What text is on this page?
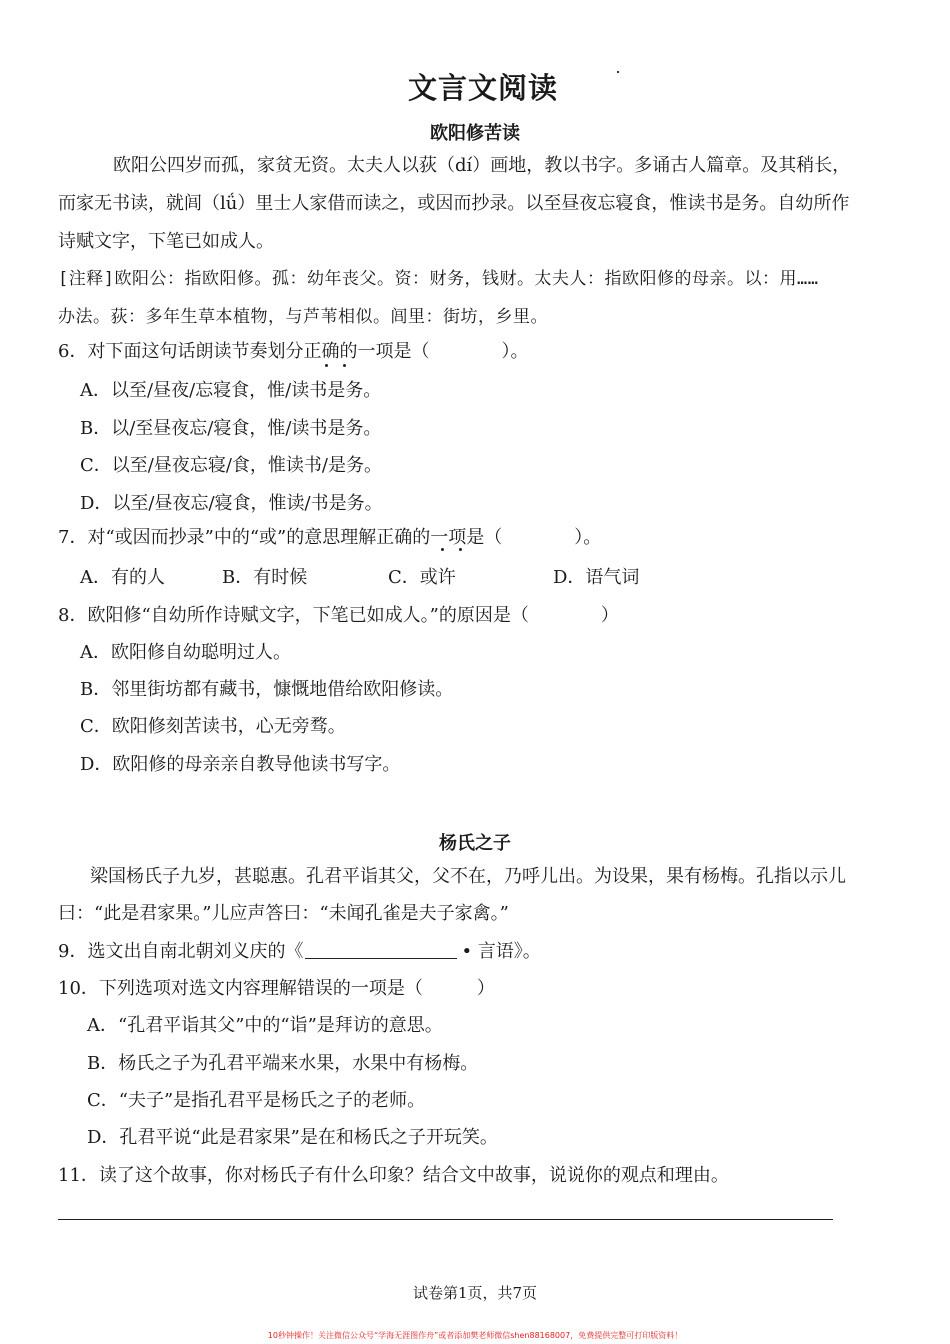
文言文阅读
欧阳修苦读
欧阳公四岁而孤，家贫无资。太夫人以荻（dí）画地，教以书字。多诵古人篇章。及其稍长，
而家无书读，就闾（lǘ）里士人家借而读之，或因而抄录。以至昼夜忘寝食，惟读书是务。自幼所作
诗赋文字，下笔已如成人。
[注释]欧阳公：指欧阳修。孤：幼年丧父。资：财务，钱财。太夫人：指欧阳修的母亲。以：用……
办法。荻：多年生草本植物，与芦苇相似。闾里：街坊，乡里。
6．对下面这句话朗读节奏划分正确的一项是（　　　　）。
A．以至/昼夜/忘寝食，惟/读书是务。
B．以/至昼夜忘/寝食，惟/读书是务。
C．以至/昼夜忘寝/食，惟读书/是务。
D．以至/昼夜忘/寝食，惟读/书是务。
7．对“或因而抄录”中的“或”的意思理解正确的一项是（　　　　）。
A．有的人	B．有时候	C．或许	D．语气词
8．欧阳修“自幼所作诗赋文字，下笔已如成人。”的原因是（　　　　）
A．欧阳修自幼聪明过人。
B．邻里街坊都有藏书，慷慨地借给欧阳修读。
C．欧阳修刻苦读书，心无旁骛。
D．欧阳修的母亲亲自教导他读书写字。
杨氏之子
梁国杨氏子九岁，甚聪惠。孔君平诣其父，父不在，乃呼儿出。为设果，果有杨梅。孔指以示儿
曰：“此是君家果。”儿应声答曰：“未闻孔雀是夫子家禽。”
9．选文出自南北朝刘义庆的《	• 言语》。
10．下列选项对选文内容理解错误的一项是（　　　）
A．“孔君平诣其父”中的“诣”是拜访的意思。
B．杨氏之子为孔君平端来水果，水果中有杨梅。
C．“夫子”是指孔君平是杨氏之子的老师。
D．孔君平说“此是君家果”是在和杨氏之子开玩笑。
11．读了这个故事，你对杨氏子有什么印象？结合文中故事，说说你的观点和理由。
试卷第1页，共7页
10秒钟操作！关注微信公众号“学海无涯图作舟”或者添加樊老师微信shen88168007，免费提供完整可打印版资料！
